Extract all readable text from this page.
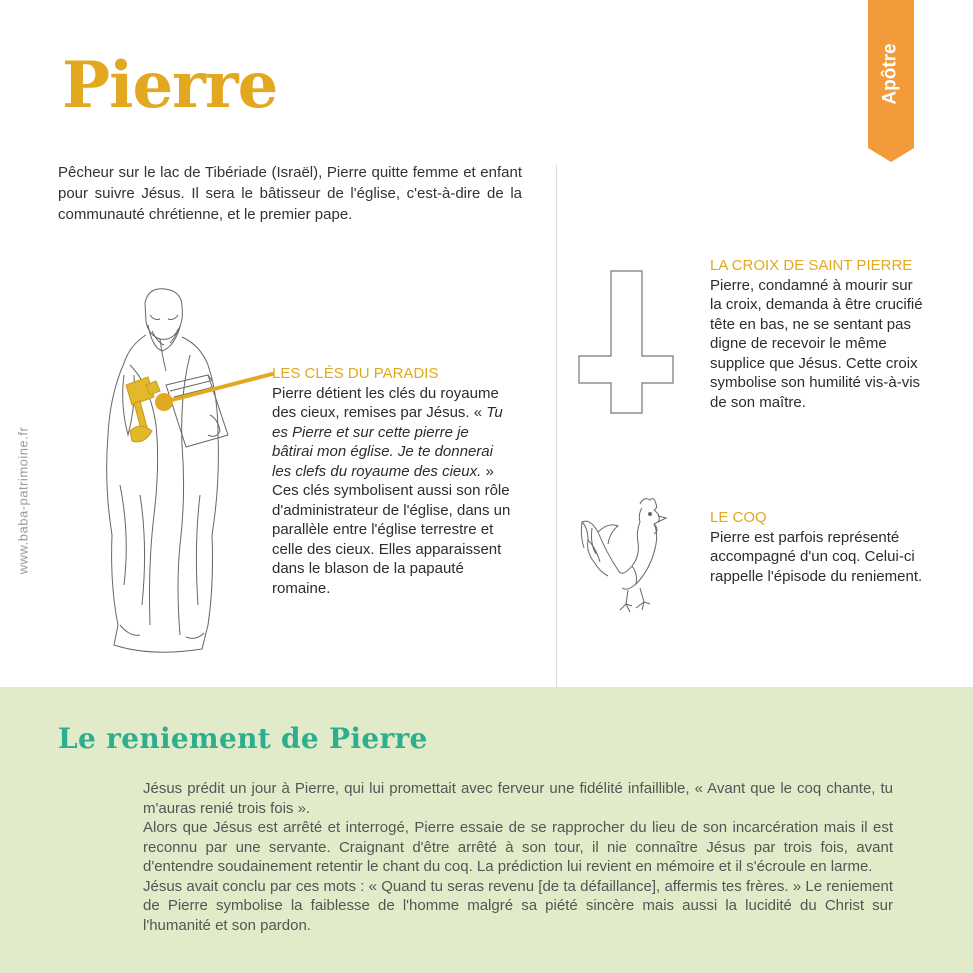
Pierre	Apôtre

Pêcheur sur le lac de Tibériade (Israël), Pierre quitte femme et enfant pour suivre Jésus. Il sera le bâtisseur de l'église, c'est-à-dire de la communauté chrétienne, et le premier pape.

www.baba-patrimoine.fr
LES CLÉS DU PARADIS
Pierre détient les clés du royaume des cieux, remises par Jésus. « Tu es Pierre et sur cette pierre je bâtirai mon église. Je te donnerai les clefs du royaume des cieux. » Ces clés symbolisent aussi son rôle d'administrateur de l'église, dans un parallèle entre l'église terrestre et celle des cieux. Elles apparaissent dans le blason de la papauté romaine.
LA CROIX DE SAINT PIERRE
Pierre, condamné à mourir sur la croix, demanda à être crucifié tête en bas, ne se sentant pas digne de recevoir le même supplice que Jésus. Cette croix symbolise son humilité vis-à-vis de son maître.
LE COQ
Pierre est parfois représenté accompagné d'un coq. Celui-ci rappelle l'épisode du reniement.
Le reniement de Pierre

Jésus prédit un jour à Pierre, qui lui promettait avec ferveur une fidélité infaillible, « Avant que le coq chante, tu m'auras renié trois fois ».

Alors que Jésus est arrêté et interrogé, Pierre essaie de se rapprocher du lieu de son incarcération mais il est reconnu par une servante. Craignant d'être arrêté à son tour, il nie connaître Jésus par trois fois, avant d'entendre soudainement retentir le chant du coq. La prédiction lui revient en mémoire et il s'écroule en larme.

Jésus avait conclu par ces mots : « Quand tu seras revenu [de ta défaillance], affermis tes frères. » Le reniement de Pierre symbolise la faiblesse de l'homme malgré sa piété sincère mais aussi la lucidité du Christ sur l'humanité et son pardon.
